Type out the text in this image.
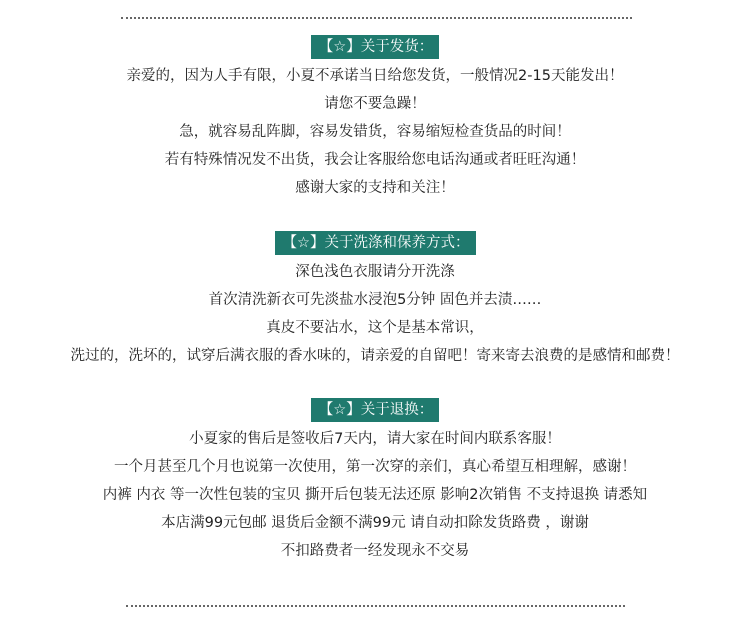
【☆】关于发货：
亲爱的，因为人手有限，小夏不承诺当日给您发货，一般情况2-15天能发出！
请您不要急躁！
急，就容易乱阵脚，容易发错货，容易缩短检查货品的时间！
若有特殊情况发不出货，我会让客服给您电话沟通或者旺旺沟通！
感谢大家的支持和关注！
【☆】关于洗涤和保养方式：
深色浅色衣服请分开洗涤
首次清洗新衣可先淡盐水浸泡5分钟 固色并去渍……
真皮不要沾水，这个是基本常识，
洗过的，洗坏的，试穿后满衣服的香水味的，请亲爱的自留吧！寄来寄去浪费的是感情和邮费！
【☆】关于退换：
小夏家的售后是签收后7天内，请大家在时间内联系客服！
一个月甚至几个月也说第一次使用，第一次穿的亲们，真心希望互相理解，感谢！
内裤 内衣 等一次性包装的宝贝 撕开后包装无法还原 影响2次销售 不支持退换 请悉知
本店满99元包邮 退货后金额不满99元 请自动扣除发货路费 ，谢谢
不扣路费者一经发现永不交易
